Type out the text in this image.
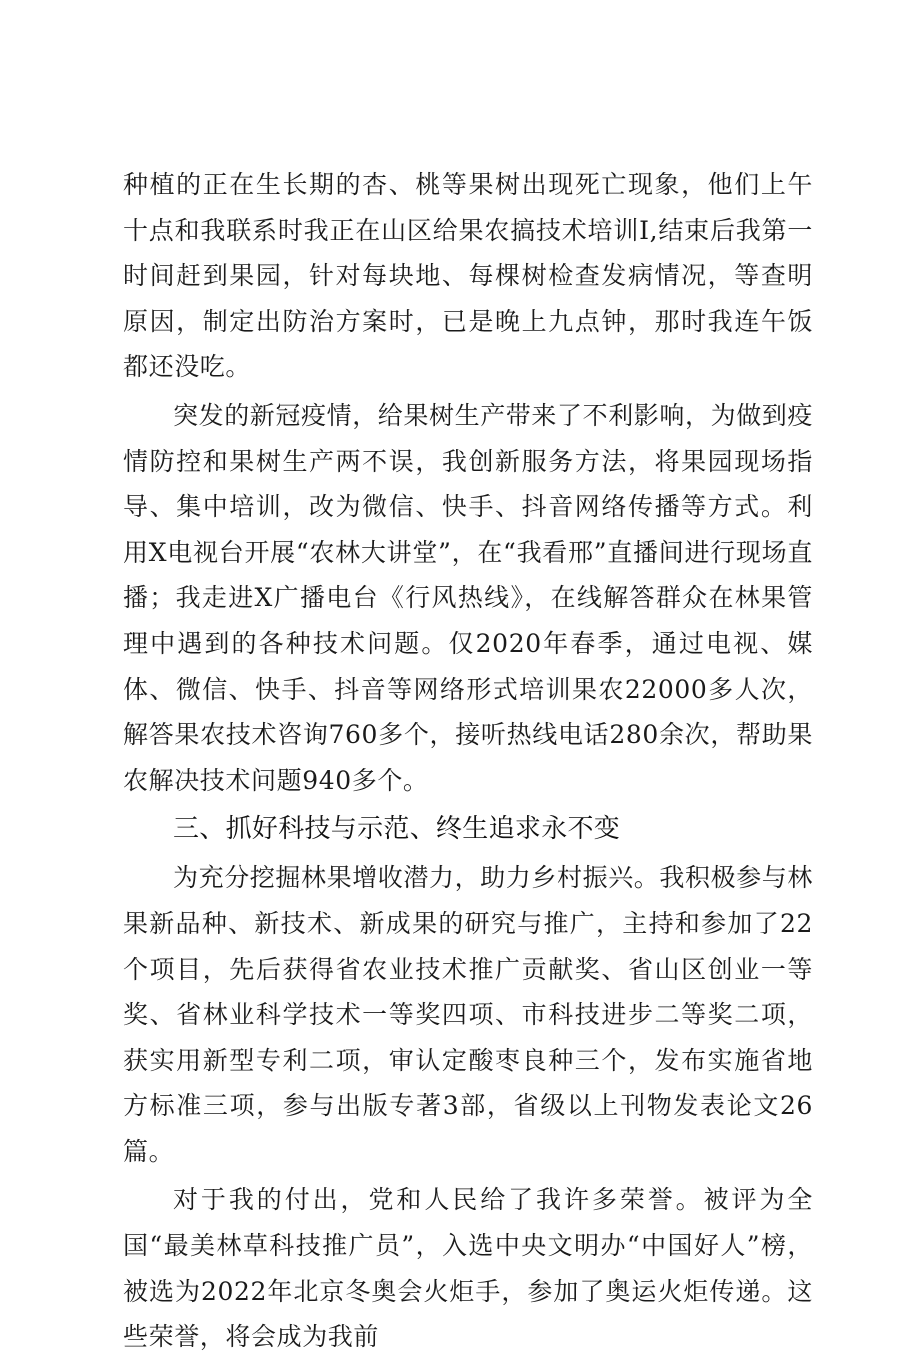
种植的正在生长期的杏、桃等果树出现死亡现象，他们上午十点和我联系时我正在山区给果农搞技术培训I,结束后我第一时间赶到果园，针对每块地、每棵树检查发病情况，等查明原因，制定出防治方案时，已是晚上九点钟，那时我连午饭都还没吃。

突发的新冠疫情，给果树生产带来了不利影响，为做到疫情防控和果树生产两不误，我创新服务方法，将果园现场指导、集中培训，改为微信、快手、抖音网络传播等方式。利用X电视台开展“农林大讲堂”，在“我看邢”直播间进行现场直播；我走进X广播电台《行风热线》，在线解答群众在林果管理中遇到的各种技术问题。仅2020年春季，通过电视、媒体、微信、快手、抖音等网络形式培训果农22000多人次，解答果农技术咨询760多个，接听热线电话280余次，帮助果农解决技术问题940多个。

三、抓好科技与示范、终生追求永不变

为充分挖掘林果增收潜力，助力乡村振兴。我积极参与林果新品种、新技术、新成果的研究与推广，主持和参加了22个项目，先后获得省农业技术推广贡献奖、省山区创业一等奖、省林业科学技术一等奖四项、市科技进步二等奖二项，获实用新型专利二项，审认定酸枣良种三个，发布实施省地方标准三项，参与出版专著3部，省级以上刊物发表论文26篇。

对于我的付出，党和人民给了我许多荣誉。被评为全国“最美林草科技推广员”，入选中央文明办“中国好人”榜，被选为2022年北京冬奥会火炬手，参加了奥运火炬传递。这些荣誉，将会成为我前
